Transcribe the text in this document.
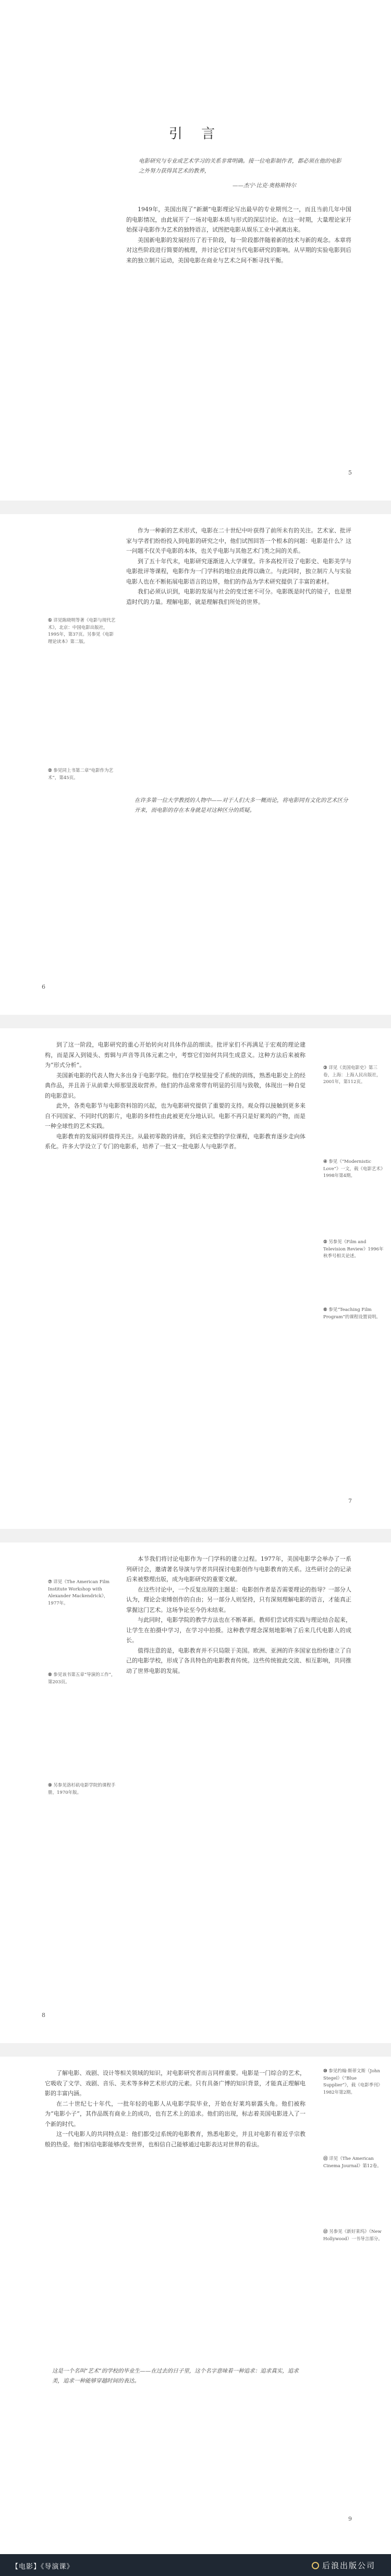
引 言
电影研究与专业或艺术学习的关系非常明确。接一位电影制作者，都必须在他的电影之外努力获得其艺术的教养，
——杰宁·比克·奥格斯特尔

1949年，美国出现了“新潮”电影理论写出最早的专业期刊之一，而且当前几年中国的电影情况，由此展开了一场对电影本质与形式的深层讨论。在这一时期，大量理论家开始探寻电影作为艺术的独特语言，试图把电影从娱乐工业中剥离出来。

美国新电影的发展经历了若干阶段，每一阶段都伴随着新的技术与新的观念。本章将对这些阶段进行简要的梳理，并讨论它们对当代电影研究的影响。从早期的实验电影到后来的独立制片运动，美国电影在商业与艺术之间不断寻找平衡。

5
① 详见陈晓明等著《电影与现代艺术》，北京：中国电影出版社，1995年，第37页。另参见《电影理论读本》第二版。
② 参见同上书第二章“电影作为艺术”，第45页。

作为一种新的艺术形式，电影在二十世纪中叶获得了前所未有的关注。艺术家、批评家与学者们纷纷投入到电影的研究之中，他们试图回答一个根本的问题：电影是什么？这一问题不仅关乎电影的本体，也关乎电影与其他艺术门类之间的关系。

到了五十年代末，电影研究逐渐进入大学课堂。许多高校开设了电影史、电影美学与电影批评等课程，电影作为一门学科的地位由此得以确立。与此同时，独立制片人与实验电影人也在不断拓展电影语言的边界，他们的作品为学术研究提供了丰富的素材。

我们必须认识到，电影的发展与社会的变迁密不可分。电影既是时代的镜子，也是塑造时代的力量。理解电影，就是理解我们所处的世界。

在许多第一位大学教授的人物中——对于人们大多一概而论，将电影同有文化的艺术区分开来，而电影的存在本身就是对这种区分的质疑。
6
③ 详见《美国电影史》第三卷，上海：上海人民出版社，2001年，第112页。
④ 参见《“Modernistic Love”》一文，载《电影艺术》1998年第4期。
⑤ 另参见《Film and Television Review》1996年秋季号相关论述。
⑥ 参见“Teaching Film Program”的课程设置说明。

到了这一阶段，电影研究的重心开始转向对具体作品的细读。批评家们不再满足于宏观的理论建构，而是深入到镜头、剪辑与声音等具体元素之中，考察它们如何共同生成意义。这种方法后来被称为“形式分析”。

美国新电影的代表人物大多出身于电影学院。他们在学校里接受了系统的训练，熟悉电影史上的经典作品，并且善于从前辈大师那里汲取营养。他们的作品常常带有明显的引用与致敬，体现出一种自觉的电影意识。

此外，各类电影节与电影资料馆的兴起，也为电影研究提供了重要的支持。观众得以接触到更多来自不同国家、不同时代的影片，电影的多样性由此被更充分地认识。电影不再只是好莱坞的产物，而是一种全球性的艺术实践。

电影教育的发展同样值得关注。从最初零散的讲座，到后来完整的学位课程，电影教育逐步走向体系化。许多大学设立了专门的电影系，培养了一批又一批电影人与电影学者。

7
⑦ 详见《The American Film Institute Workshop with Alexander Mackendrick》，1977年。
⑧ 参见该书第五章“导演的工作”，第203页。
⑨ 另参见洛杉矶电影学院的课程手册，1970年版。

本节我们将讨论电影作为一门学科的建立过程。1977年，美国电影学会举办了一系列研讨会，邀请著名导演与学者共同探讨电影创作与电影教育的关系。这些研讨会的记录后来被整理出版，成为电影研究的重要文献。

在这些讨论中，一个反复出现的主题是：电影创作者是否需要理论的指导？一部分人认为，理论会束缚创作的自由；另一部分人则坚持，只有深刻理解电影的语言，才能真正掌握这门艺术。这场争论至今仍未结束。

与此同时，电影学院的教学方法也在不断革新。教师们尝试将实践与理论结合起来，让学生在拍摄中学习，在学习中拍摄。这种教学理念深刻地影响了后来几代电影人的成长。

值得注意的是，电影教育并不只局限于美国。欧洲、亚洲的许多国家也纷纷建立了自己的电影学校，形成了各具特色的电影教育传统。这些传统彼此交流、相互影响，共同推动了世界电影的发展。

8
⑩ 参见约翰·斯蒂文斯（John Stegel）《“Blue Supplier”》，载《电影季刊》1982年第2期。
⑪ 详见《The American Cinema Journal》第12卷。
⑫ 另参见《新好莱坞》（New Hollywood）一书导言部分。

了解电影、戏剧、设计等相关领域的知识，对电影研究者而言同样重要。电影是一门综合的艺术，它吸收了文学、戏剧、音乐、美术等多种艺术形式的元素。只有具备广博的知识背景，才能真正理解电影的丰富内涵。

在二十世纪七十年代，一批年轻的电影人从电影学院毕业，开始在好莱坞崭露头角。他们被称为“电影小子”，其作品既有商业上的成功，也有艺术上的追求。他们的出现，标志着美国电影进入了一个新的时代。

这一代电影人的共同特点是：他们都受过系统的电影教育，熟悉电影史，并且对电影有着近乎宗教般的热爱。他们相信电影能够改变世界，也相信自己能够通过电影表达对世界的看法。

这是一个名叫“艺术”的学校的毕业生——在过去的日子里，这个名字意味着一种追求：追求真实，追求美，追求一种能够穿越时间的表达。
9
【电影】《导演课》	后浪出版公司
